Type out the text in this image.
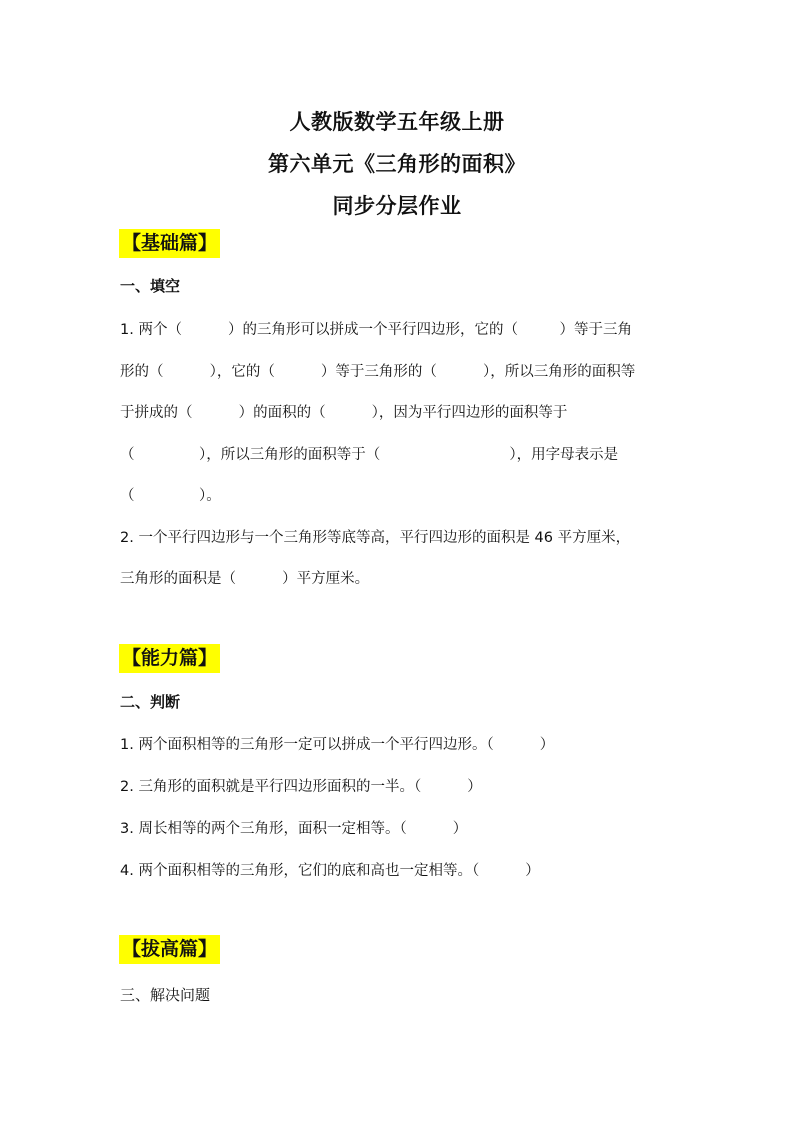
人教版数学五年级上册
第六单元《三角形的面积》
同步分层作业
【基础篇】
一、填空
1. 两个（          ）的三角形可以拼成一个平行四边形，它的（         ）等于三角
形的（          ），它的（          ）等于三角形的（          ），所以三角形的面积等
于拼成的（          ）的面积的（          ），因为平行四边形的面积等于
（              ），所以三角形的面积等于（                            ），用字母表示是
（              ）。
2. 一个平行四边形与一个三角形等底等高，平行四边形的面积是 46 平方厘米，
三角形的面积是（          ）平方厘米。
【能力篇】
二、判断
1. 两个面积相等的三角形一定可以拼成一个平行四边形。（          ）
2. 三角形的面积就是平行四边形面积的一半。（          ）
3. 周长相等的两个三角形，面积一定相等。（          ）
4. 两个面积相等的三角形，它们的底和高也一定相等。（          ）
【拔高篇】
三、解决问题
